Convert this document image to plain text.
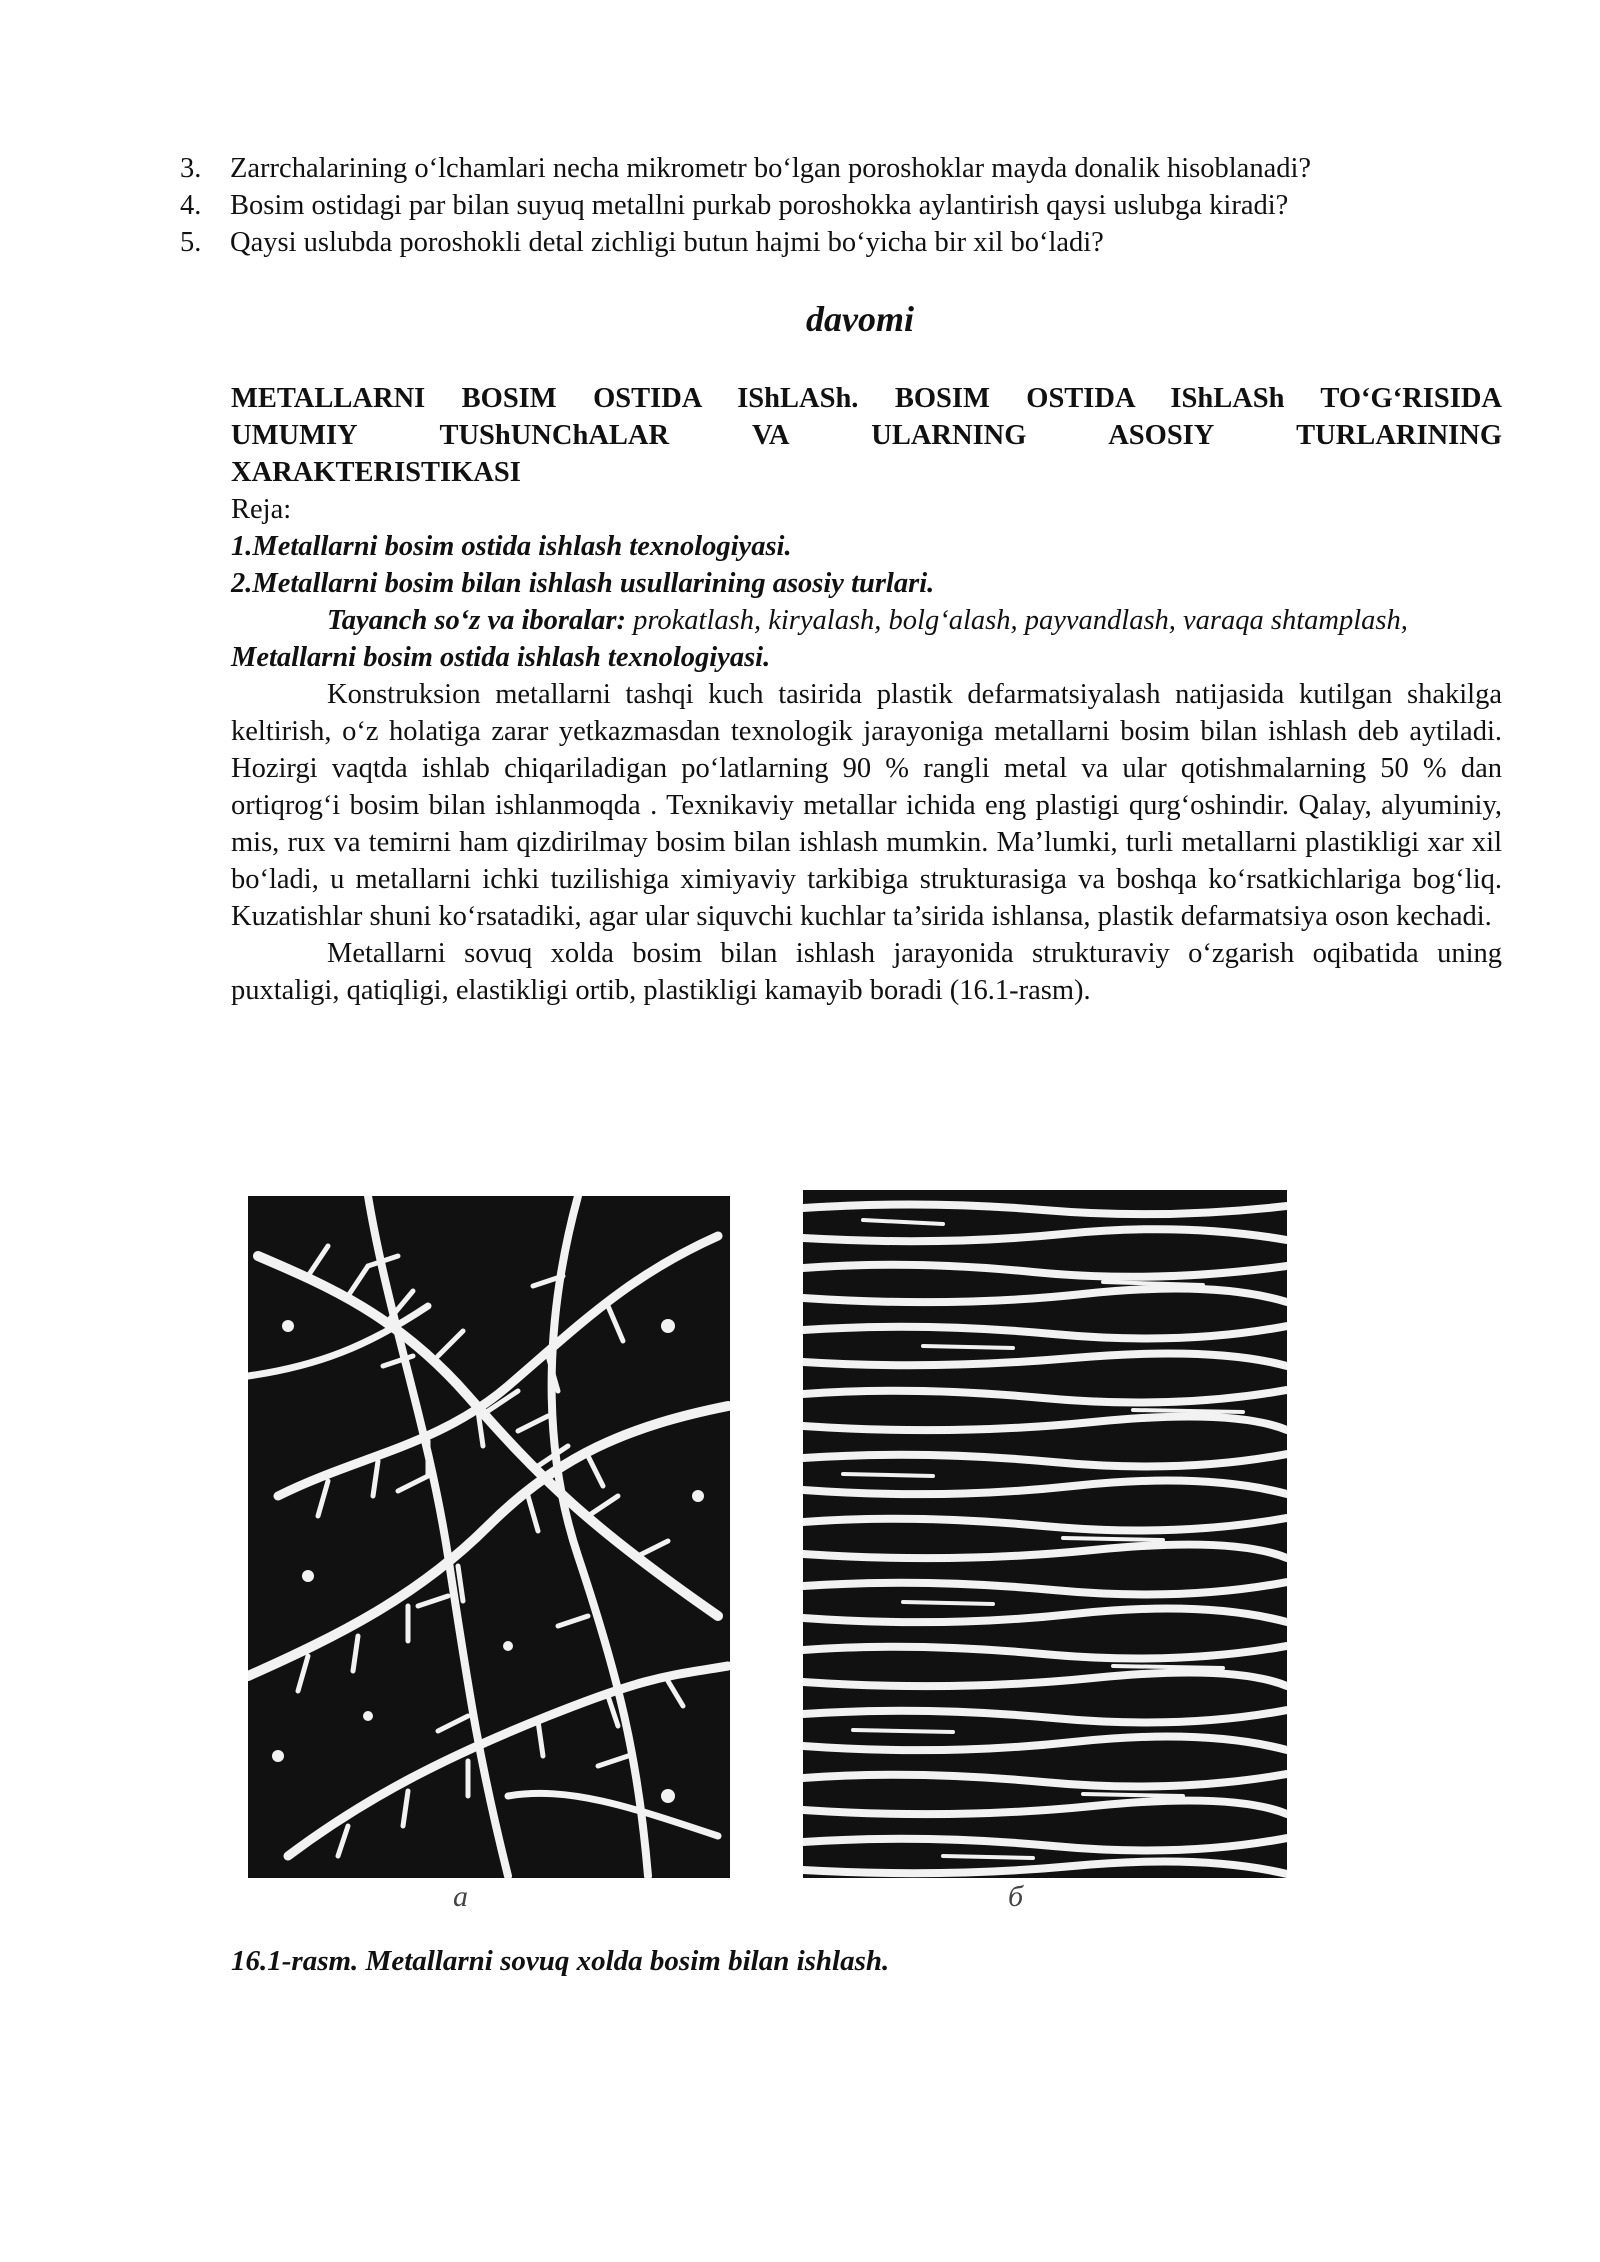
3.	Zarrchalarining o‘lchamlari necha mikrometr bo‘lgan poroshoklar mayda donalik hisoblanadi?
4.	Bosim ostidagi par bilan suyuq metallni purkab poroshokka aylantirish qaysi uslubga kiradi?
5.	Qaysi uslubda poroshokli detal zichligi butun hajmi bo‘yicha bir xil bo‘ladi?
davomi
METALLARNI BOSIM OSTIDA IShLASh. BOSIM OSTIDA IShLASh TO‘G‘RISIDA
UMUMIY TUShUNChALAR VA ULARNING ASOSIY TURLARINING
XARAKTERISTIKASI
Reja:
1.Metallarni bosim ostida ishlash texnologiyasi.
2.Metallarni bosim bilan ishlash usullarining asosiy turlari.
Tayanch so‘z va iboralar: prokatlash, kiryalash, bolg‘alash, payvandlash, varaqa shtamplash,
Metallarni bosim ostida ishlash texnologiyasi.

Konstruksion metallarni tashqi kuch tasirida plastik defarmatsiyalash natijasida kutilgan shakilga keltirish, o‘z holatiga zarar yetkazmasdan texnologik jarayoniga metallarni bosim bilan ishlash deb aytiladi. Hozirgi vaqtda ishlab chiqariladigan po‘latlarning 90 % rangli metal va ular qotishmalarning 50 % dan ortiqrog‘i bosim bilan ishlanmoqda . Texnikaviy metallar ichida eng plastigi qurg‘oshindir. Qalay, alyuminiy, mis, rux va temirni ham qizdirilmay bosim bilan ishlash mumkin. Ma’lumki, turli metallarni plastikligi xar xil bo‘ladi, u metallarni ichki tuzilishiga ximiyaviy tarkibiga strukturasiga va boshqa ko‘rsatkichlariga bog‘liq. Kuzatishlar shuni ko‘rsatadiki, agar ular siquvchi kuchlar ta’sirida ishlansa, plastik defarmatsiya oson kechadi.

Metallarni sovuq xolda bosim bilan ishlash jarayonida strukturaviy o‘zgarish oqibatida uning puxtaligi, qatiqligi, elastikligi ortib, plastikligi kamayib boradi (16.1-rasm).

a	б
16.1-rasm. Metallarni sovuq xolda bosim bilan ishlash.
